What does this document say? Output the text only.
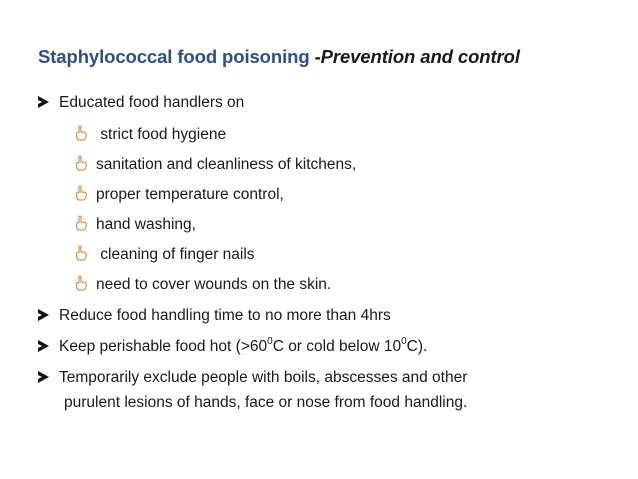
Staphylococcal food poisoning -Prevention and control
Educated food handlers on
strict food hygiene
sanitation and cleanliness of kitchens,
proper temperature control,
hand washing,
cleaning of finger nails
need to cover wounds on the skin.
Reduce food handling time to no more than 4hrs
Keep perishable food hot ($>60^0C$ or cold below $10^0C$).
Temporarily exclude people with boils, abscesses and other
purulent lesions of hands, face or nose from food handling.
